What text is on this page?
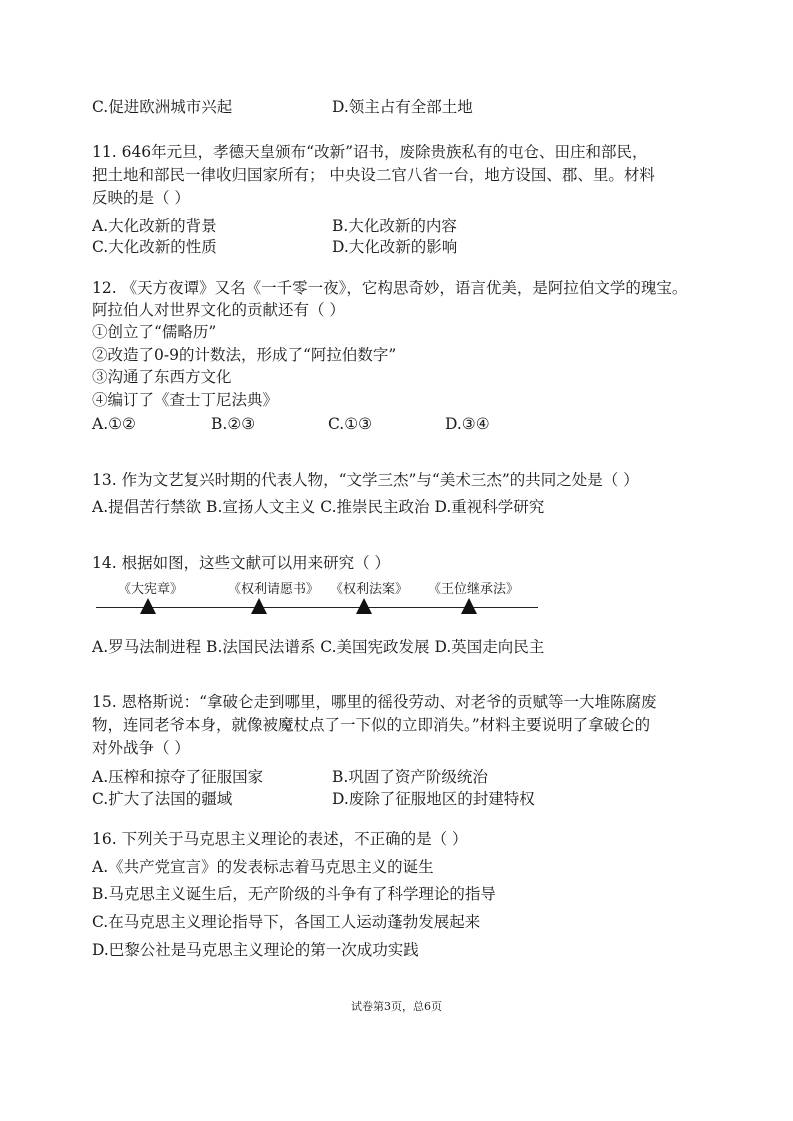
C.促进欧洲城市兴起	D.领主占有全部土地
11. 646年元旦，孝德天皇颁布“改新”诏书，废除贵族私有的屯仓、田庄和部民，
把土地和部民一律收归国家所有； 中央设二官八省一台，地方设国、郡、里。材料
反映的是（ ）
A.大化改新的背景	B.大化改新的内容
C.大化改新的性质	D.大化改新的影响
12. 《天方夜谭》又名《一千零一夜》，它构思奇妙，语言优美，是阿拉伯文学的瑰宝。
阿拉伯人对世界文化的贡献还有（ ）
①创立了“儒略历”
②改造了0-9的计数法，形成了“阿拉伯数字”
③沟通了东西方文化
④编订了《查士丁尼法典》
A.①②	B.②③	C.①③	D.③④
13. 作为文艺复兴时期的代表人物，“文学三杰”与“美术三杰”的共同之处是（ ）
A.提倡苦行禁欲 B.宣扬人文主义 C.推崇民主政治 D.重视科学研究
14. 根据如图，这些文献可以用来研究（ ）
《大宪章》	《权利请愿书》 《权利法案》 《王位继承法》
A.罗马法制进程 B.法国民法谱系 C.美国宪政发展 D.英国走向民主
15. 恩格斯说：“拿破仑走到哪里，哪里的徭役劳动、对老爷的贡赋等一大堆陈腐废
物，连同老爷本身，就像被魔杖点了一下似的立即消失。”材料主要说明了拿破仑的
对外战争（ ）
A.压榨和掠夺了征服国家	B.巩固了资产阶级统治
C.扩大了法国的疆域	D.废除了征服地区的封建特权
16. 下列关于马克思主义理论的表述，不正确的是（ ）
A.《共产党宣言》的发表标志着马克思主义的诞生
B.马克思主义诞生后，无产阶级的斗争有了科学理论的指导
C.在马克思主义理论指导下，各国工人运动蓬勃发展起来
D.巴黎公社是马克思主义理论的第一次成功实践
试卷第3页，总6页
